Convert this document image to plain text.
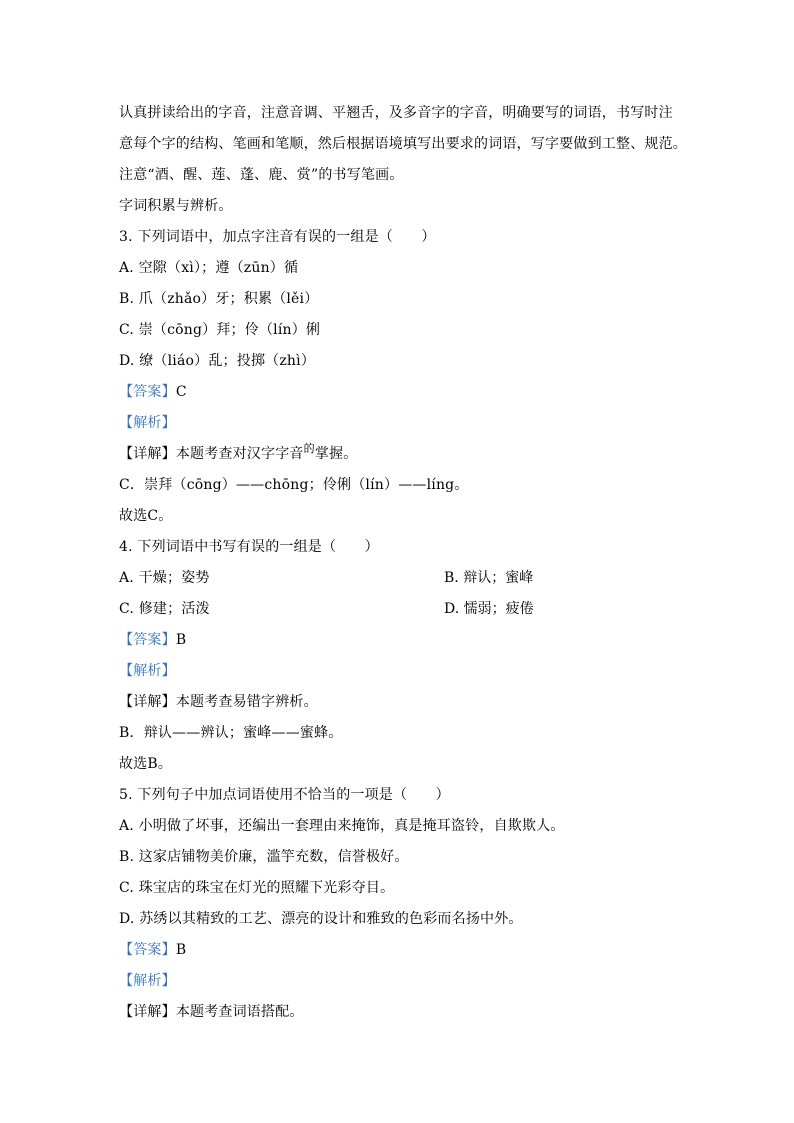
认真拼读给出的字音，注意音调、平翘舌，及多音字的字音，明确要写的词语，书写时注
意每个字的结构、笔画和笔顺，然后根据语境填写出要求的词语，写字要做到工整、规范。
注意“酒、醒、莲、蓬、鹿、赏”的书写笔画。
字词积累与辨析。
3. 下列词语中，加点字注音有误的一组是（　　）
A. 空隙（xì）；遵（zūn）循
B. 爪（zhǎo）牙；积累（lěi）
C. 崇（cōng）拜；伶（lín）俐
D. 缭（liáo）乱；投掷（zhì）
【答案】C
【解析】
【详解】本题考查对汉字字音$^的$掌握。
C．崇拜（cōng）——chōng；伶俐（lín）——líng。
故选C。
4. 下列词语中书写有误的一组是（　　）
A. 干燥；姿势	B. 辩认；蜜峰
C. 修建；活泼	D. 懦弱；疲倦
【答案】B
【解析】
【详解】本题考查易错字辨析。
B．辩认——辨认；蜜峰——蜜蜂。
故选B。
5. 下列句子中加点词语使用不恰当的一项是（　　）
A. 小明做了坏事，还编出一套理由来掩饰，真是掩耳盗铃，自欺欺人。
B. 这家店铺物美价廉，滥竽充数，信誉极好。
C. 珠宝店的珠宝在灯光的照耀下光彩夺目。
D. 苏绣以其精致的工艺、漂亮的设计和雅致的色彩而名扬中外。
【答案】B
【解析】
【详解】本题考查词语搭配。
